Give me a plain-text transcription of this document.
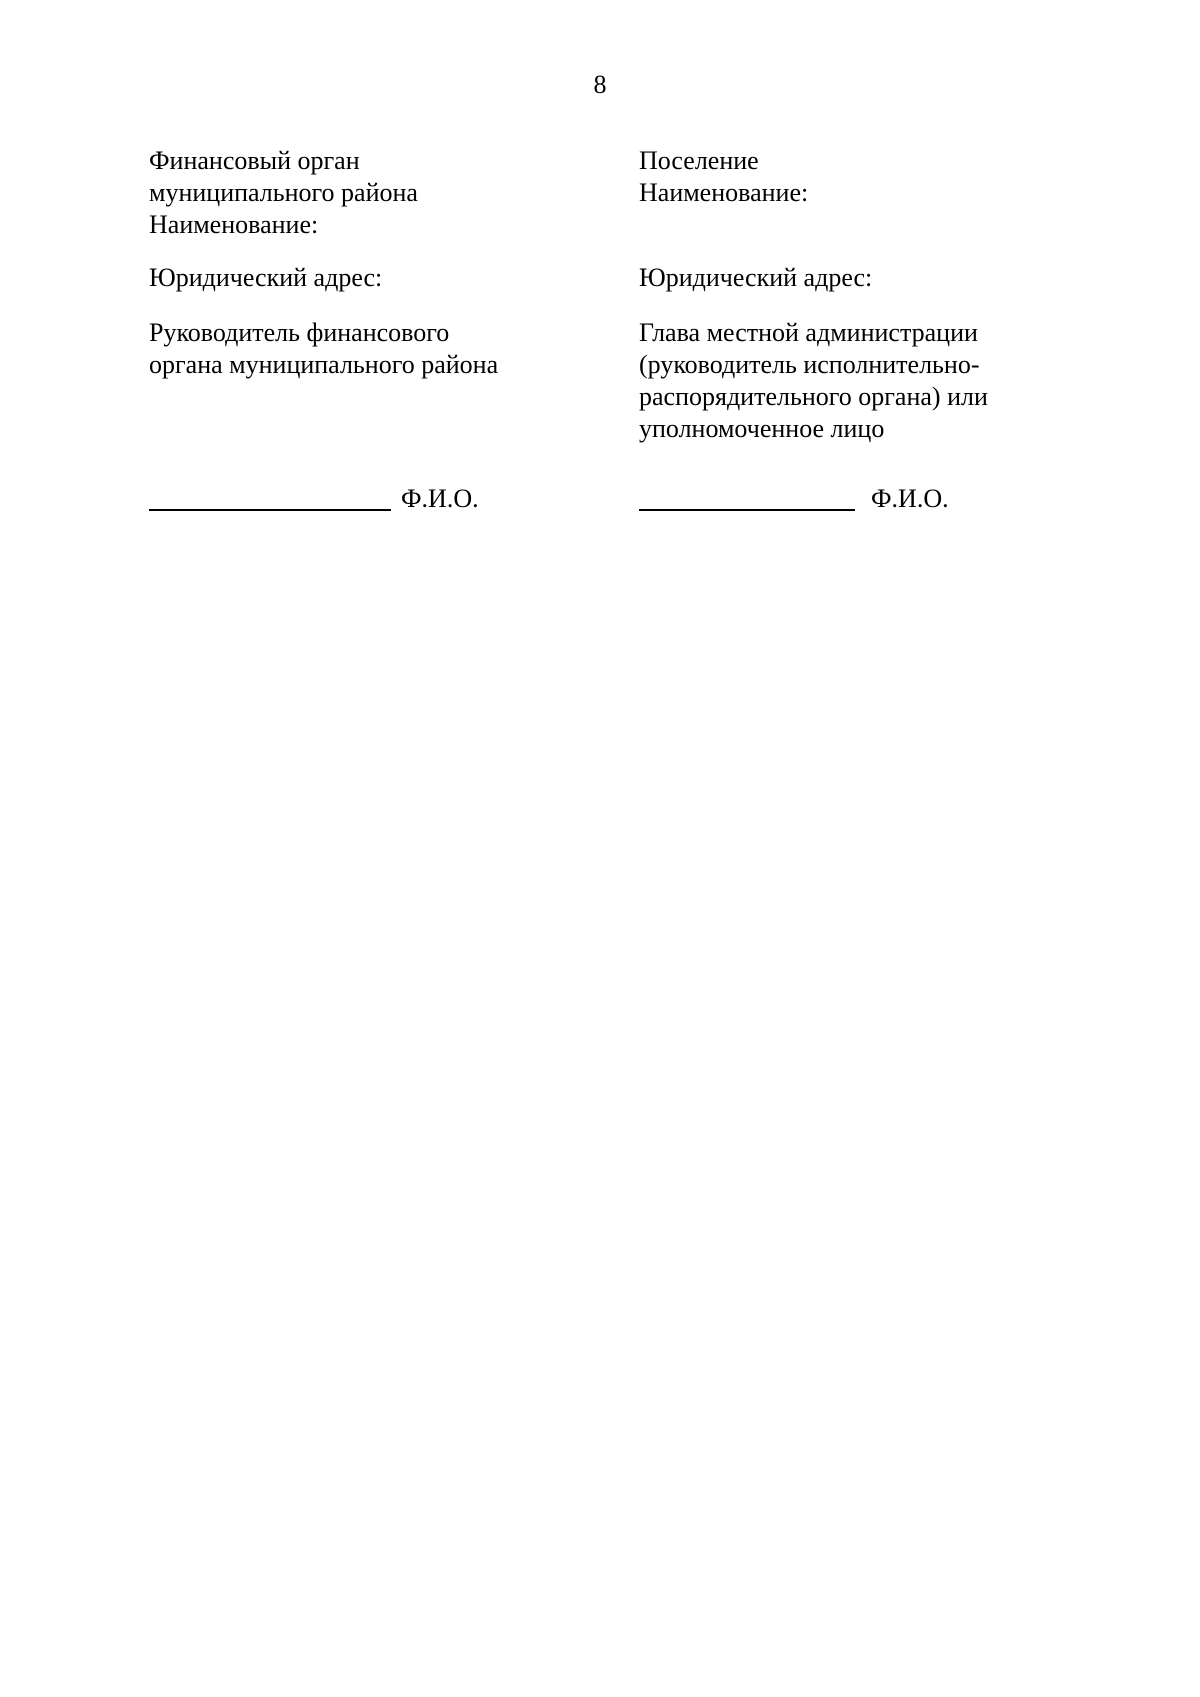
8
Финансовый орган
муниципального района
Наименование:
Юридический адрес:
Руководитель финансового
органа муниципального района
Ф.И.О.
Поселение
Наименование:
Юридический адрес:
Глава местной администрации
(руководитель исполнительно-
распорядительного органа) или
уполномоченное лицо
Ф.И.О.
